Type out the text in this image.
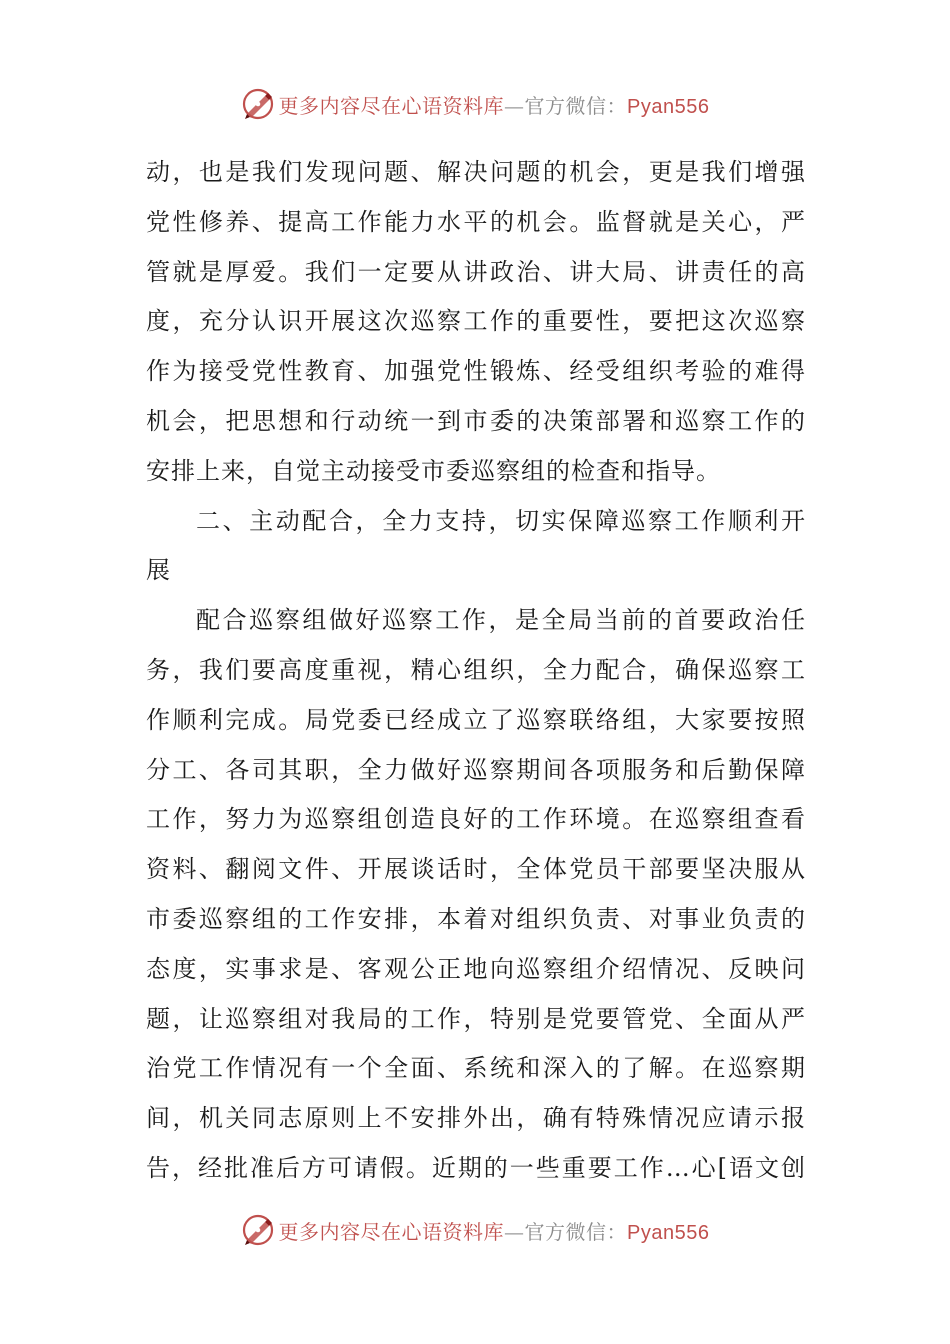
更多内容尽在心语资料库—官方微信：Pyan556
动，也是我们发现问题、解决问题的机会，更是我们增强
党性修养、提高工作能力水平的机会。监督就是关心，严
管就是厚爱。我们一定要从讲政治、讲大局、讲责任的高
度，充分认识开展这次巡察工作的重要性，要把这次巡察
作为接受党性教育、加强党性锻炼、经受组织考验的难得
机会，把思想和行动统一到市委的决策部署和巡察工作的
安排上来，自觉主动接受市委巡察组的检查和指导。
二、主动配合，全力支持，切实保障巡察工作顺利开
展
配合巡察组做好巡察工作，是全局当前的首要政治任
务，我们要高度重视，精心组织，全力配合，确保巡察工
作顺利完成。局党委已经成立了巡察联络组，大家要按照
分工、各司其职，全力做好巡察期间各项服务和后勤保障
工作，努力为巡察组创造良好的工作环境。在巡察组查看
资料、翻阅文件、开展谈话时，全体党员干部要坚决服从
市委巡察组的工作安排，本着对组织负责、对事业负责的
态度，实事求是、客观公正地向巡察组介绍情况、反映问
题，让巡察组对我局的工作，特别是党要管党、全面从严
治党工作情况有一个全面、系统和深入的了解。在巡察期
间，机关同志原则上不安排外出，确有特殊情况应请示报
告，经批准后方可请假。近期的一些重要工作…心[语文创
更多内容尽在心语资料库—官方微信：Pyan556
